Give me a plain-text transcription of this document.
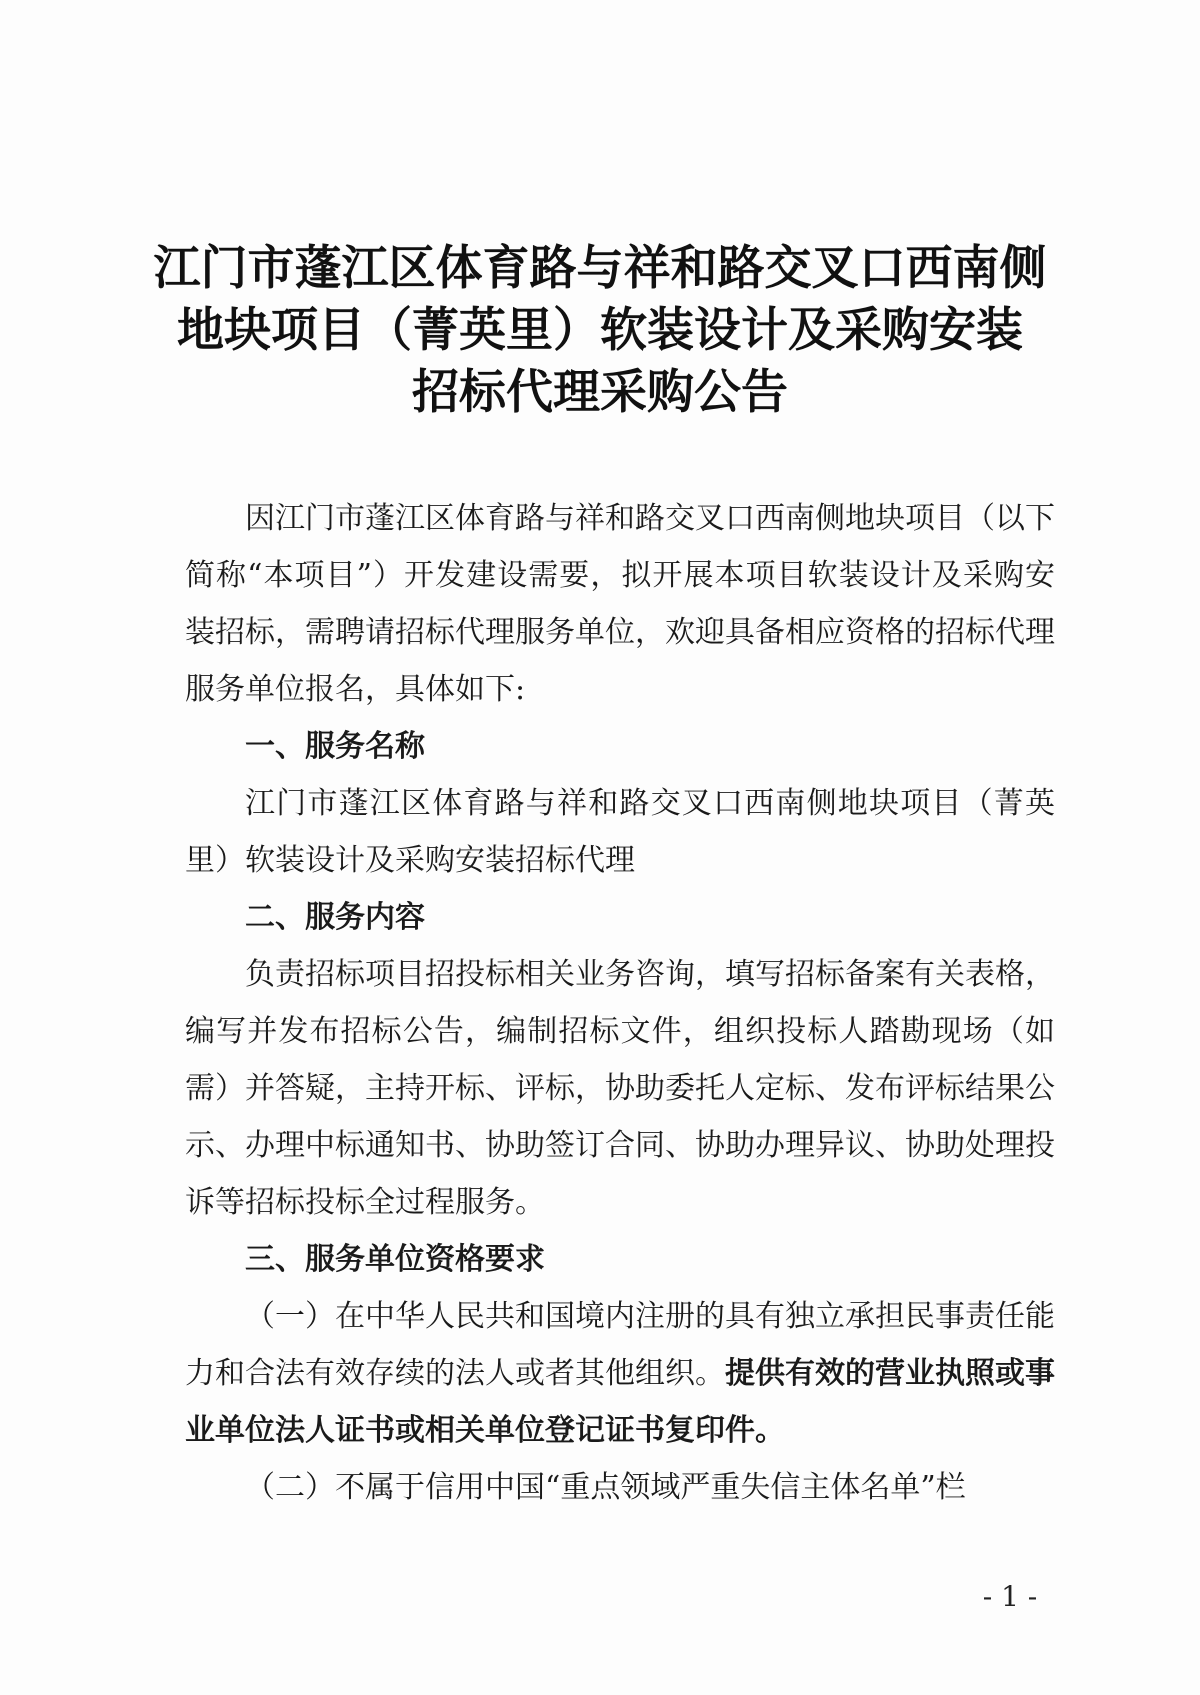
江门市蓬江区体育路与祥和路交叉口西南侧
地块项目（菁英里）软装设计及采购安装
招标代理采购公告

因江门市蓬江区体育路与祥和路交叉口西南侧地块项目（以下简称“本项目”）开发建设需要，拟开展本项目软装设计及采购安装招标，需聘请招标代理服务单位，欢迎具备相应资格的招标代理服务单位报名，具体如下:

一、服务名称

江门市蓬江区体育路与祥和路交叉口西南侧地块项目（菁英里）软装设计及采购安装招标代理

二、服务内容

负责招标项目招投标相关业务咨询，填写招标备案有关表格，编写并发布招标公告，编制招标文件，组织投标人踏勘现场（如需）并答疑，主持开标、评标，协助委托人定标、发布评标结果公示、办理中标通知书、协助签订合同、协助办理异议、协助处理投诉等招标投标全过程服务。

三、服务单位资格要求

（一）在中华人民共和国境内注册的具有独立承担民事责任能力和合法有效存续的法人或者其他组织。提供有效的营业执照或事业单位法人证书或相关单位登记证书复印件。

（二）不属于信用中国“重点领域严重失信主体名单”栏

- 1 -
